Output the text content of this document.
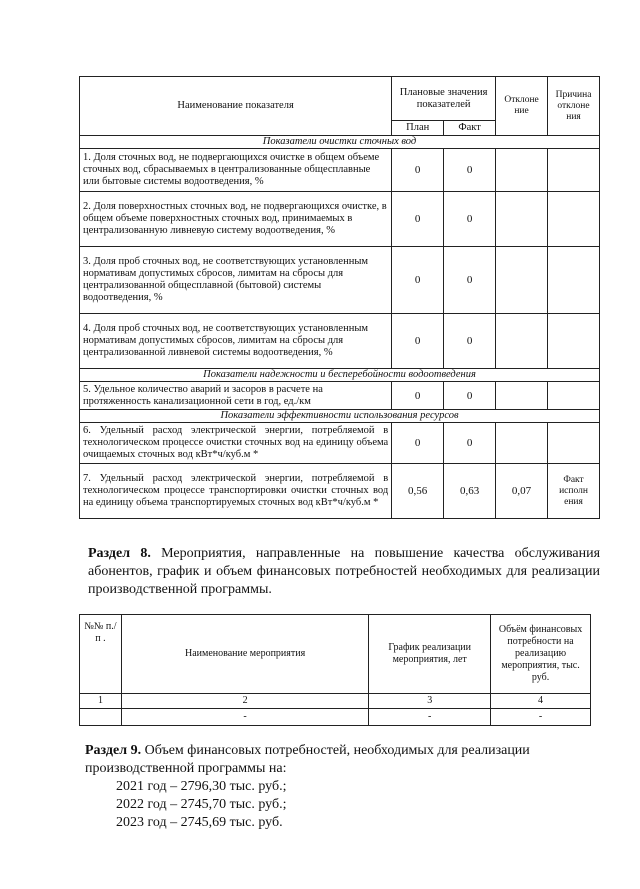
Наименование показателя	Плановые значения показателей		Отклоне ние	Причина отклоне ния
	План	Факт		
Показатели очистки сточных вод				
1. Доля сточных вод, не подвергающихся очистке в общем объеме сточных вод, сбрасываемых в централизованные общесплавные или бытовые системы водоотведения, %	0	0		
2. Доля поверхностных сточных вод, не подвергающихся очистке, в общем объеме поверхностных сточных вод, принимаемых в централизованную ливневую систему водоотведения, %	0	0		
3. Доля проб сточных вод, не соответствующих установленным нормативам допустимых сбросов, лимитам на сбросы для централизованной общесплавной (бытовой) системы водоотведения, %	0	0		
4. Доля проб сточных вод, не соответствующих установленным нормативам допустимых сбросов, лимитам на сбросы для централизованной ливневой системы водоотведения, %	0	0		
Показатели надежности и бесперебойности водоотведения				
5. Удельное количество аварий и засоров в расчете на протяженность канализационной сети в год, ед./км	0	0		
Показатели эффективности использования ресурсов				
6. Удельный расход электрической энергии, потребляемой в технологическом процессе очистки сточных вод на единицу объема очищаемых сточных вод кВт*ч/куб.м *	0	0		
7. Удельный расход электрической энергии, потребляемой в технологическом процессе транспортировки очистки сточных вод на единицу объема транспортируемых сточных вод кВт*ч/куб.м *	0,56	0,63	0,07	Факт исполн ения
Раздел 8. Мероприятия, направленные на повышение качества обслуживания абонентов, график и объем финансовых потребностей необходимых для реализации производственной программы.
№№ п./п .	Наименование мероприятия	График реализации мероприятия, лет	Объём финансовых потребности на реализацию мероприятия, тыс. руб.
1	2	3	4
	-	-	-
Раздел 9. Объем финансовых потребностей, необходимых для реализации производственной программы на:
2021 год – 2796,30 тыс. руб.;
2022 год – 2745,70 тыс. руб.;
2023 год – 2745,69 тыс. руб.
